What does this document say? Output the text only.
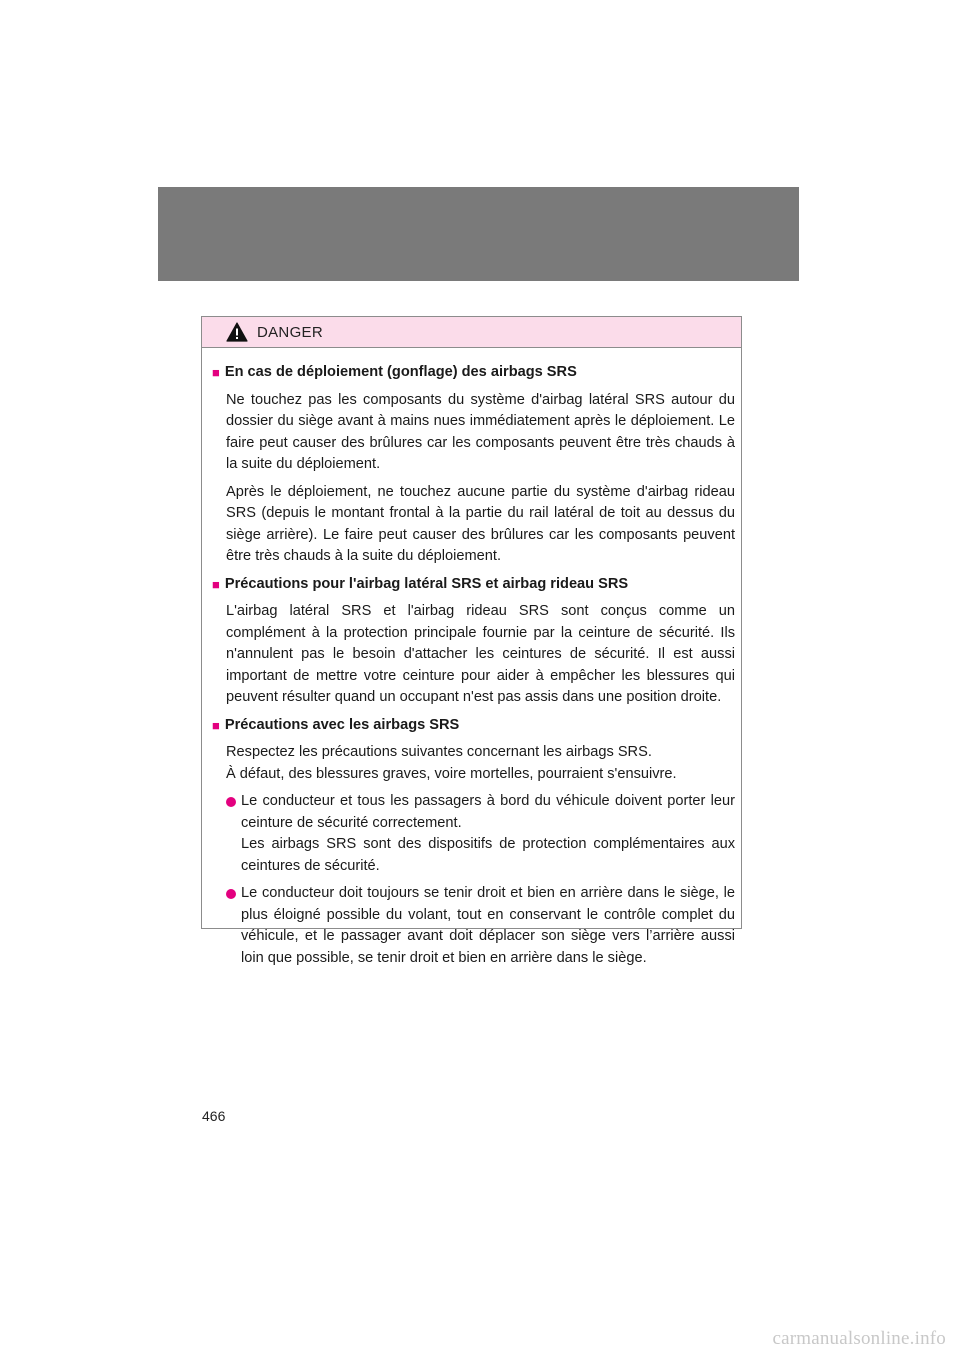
DANGER
■ En cas de déploiement (gonflage) des airbags SRS
Ne touchez pas les composants du système d'airbag latéral SRS autour du dossier du siège avant à mains nues immédiatement après le déploiement. Le faire peut causer des brûlures car les composants peuvent être très chauds à la suite du déploiement.
Après le déploiement, ne touchez aucune partie du système d'airbag rideau SRS (depuis le montant frontal à la partie du rail latéral de toit au dessus du siège arrière). Le faire peut causer des brûlures car les composants peuvent être très chauds à la suite du déploiement.
■ Précautions pour l'airbag latéral SRS et airbag rideau SRS
L'airbag latéral SRS et l'airbag rideau SRS sont conçus comme un complément à la protection principale fournie par la ceinture de sécurité. Ils n'annulent pas le besoin d'attacher les ceintures de sécurité. Il est aussi important de mettre votre ceinture pour aider à empêcher les blessures qui peuvent résulter quand un occupant n'est pas assis dans une position droite.
■ Précautions avec les airbags SRS
Respectez les précautions suivantes concernant les airbags SRS.
À défaut, des blessures graves, voire mortelles, pourraient s'ensuivre.
Le conducteur et tous les passagers à bord du véhicule doivent porter leur ceinture de sécurité correctement.
Les airbags SRS sont des dispositifs de protection complémentaires aux ceintures de sécurité.
Le conducteur doit toujours se tenir droit et bien en arrière dans le siège, le plus éloigné possible du volant, tout en conservant le contrôle complet du véhicule, et le passager avant doit déplacer son siège vers l’arrière aussi loin que possible, se tenir droit et bien en arrière dans le siège.
466
carmanualsonline.info
